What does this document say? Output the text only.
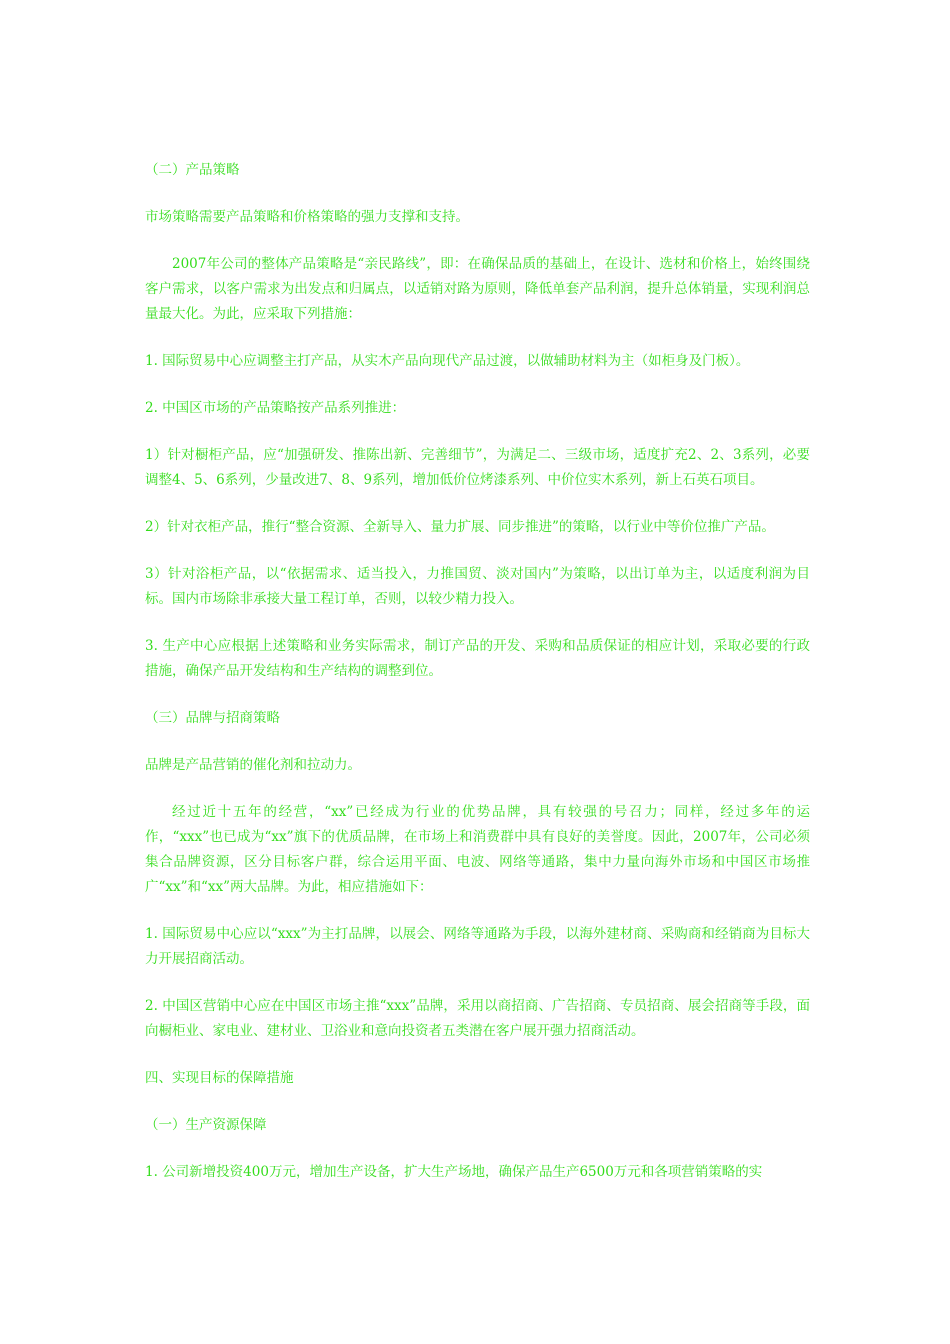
（二）产品策略

市场策略需要产品策略和价格策略的强力支撑和支持。

2007年公司的整体产品策略是“亲民路线”，即：在确保品质的基础上，在设计、选材和价格上，始终围绕客户需求，以客户需求为出发点和归属点，以适销对路为原则，降低单套产品利润，提升总体销量，实现利润总量最大化。为此，应采取下列措施：

1. 国际贸易中心应调整主打产品，从实木产品向现代产品过渡，以做辅助材料为主（如柜身及门板）。

2. 中国区市场的产品策略按产品系列推进：

1）针对橱柜产品，应“加强研发、推陈出新、完善细节”，为满足二、三级市场，适度扩充2、2、3系列，必要调整4、5、6系列，少量改进7、8、9系列，增加低价位烤漆系列、中价位实木系列，新上石英石项目。

2）针对衣柜产品，推行“整合资源、全新导入、量力扩展、同步推进”的策略，以行业中等价位推广产品。

3）针对浴柜产品，以“依据需求、适当投入，力推国贸、淡对国内”为策略，以出订单为主，以适度利润为目标。国内市场除非承接大量工程订单，否则，以较少精力投入。

3. 生产中心应根据上述策略和业务实际需求，制订产品的开发、采购和品质保证的相应计划，采取必要的行政措施，确保产品开发结构和生产结构的调整到位。

（三）品牌与招商策略

品牌是产品营销的催化剂和拉动力。

经过近十五年的经营，“xx”已经成为行业的优势品牌，具有较强的号召力；同样，经过多年的运作，“xxx”也已成为“xx”旗下的优质品牌，在市场上和消费群中具有良好的美誉度。因此，2007年，公司必须集合品牌资源，区分目标客户群，综合运用平面、电波、网络等通路，集中力量向海外市场和中国区市场推广“xx”和“xx”两大品牌。为此，相应措施如下：

1. 国际贸易中心应以“xxx”为主打品牌，以展会、网络等通路为手段，以海外建材商、采购商和经销商为目标大力开展招商活动。

2. 中国区营销中心应在中国区市场主推“xxx”品牌，采用以商招商、广告招商、专员招商、展会招商等手段，面向橱柜业、家电业、建材业、卫浴业和意向投资者五类潜在客户展开强力招商活动。

四、实现目标的保障措施

（一）生产资源保障

1. 公司新增投资400万元，增加生产设备，扩大生产场地，确保产品生产6500万元和各项营销策略的实
